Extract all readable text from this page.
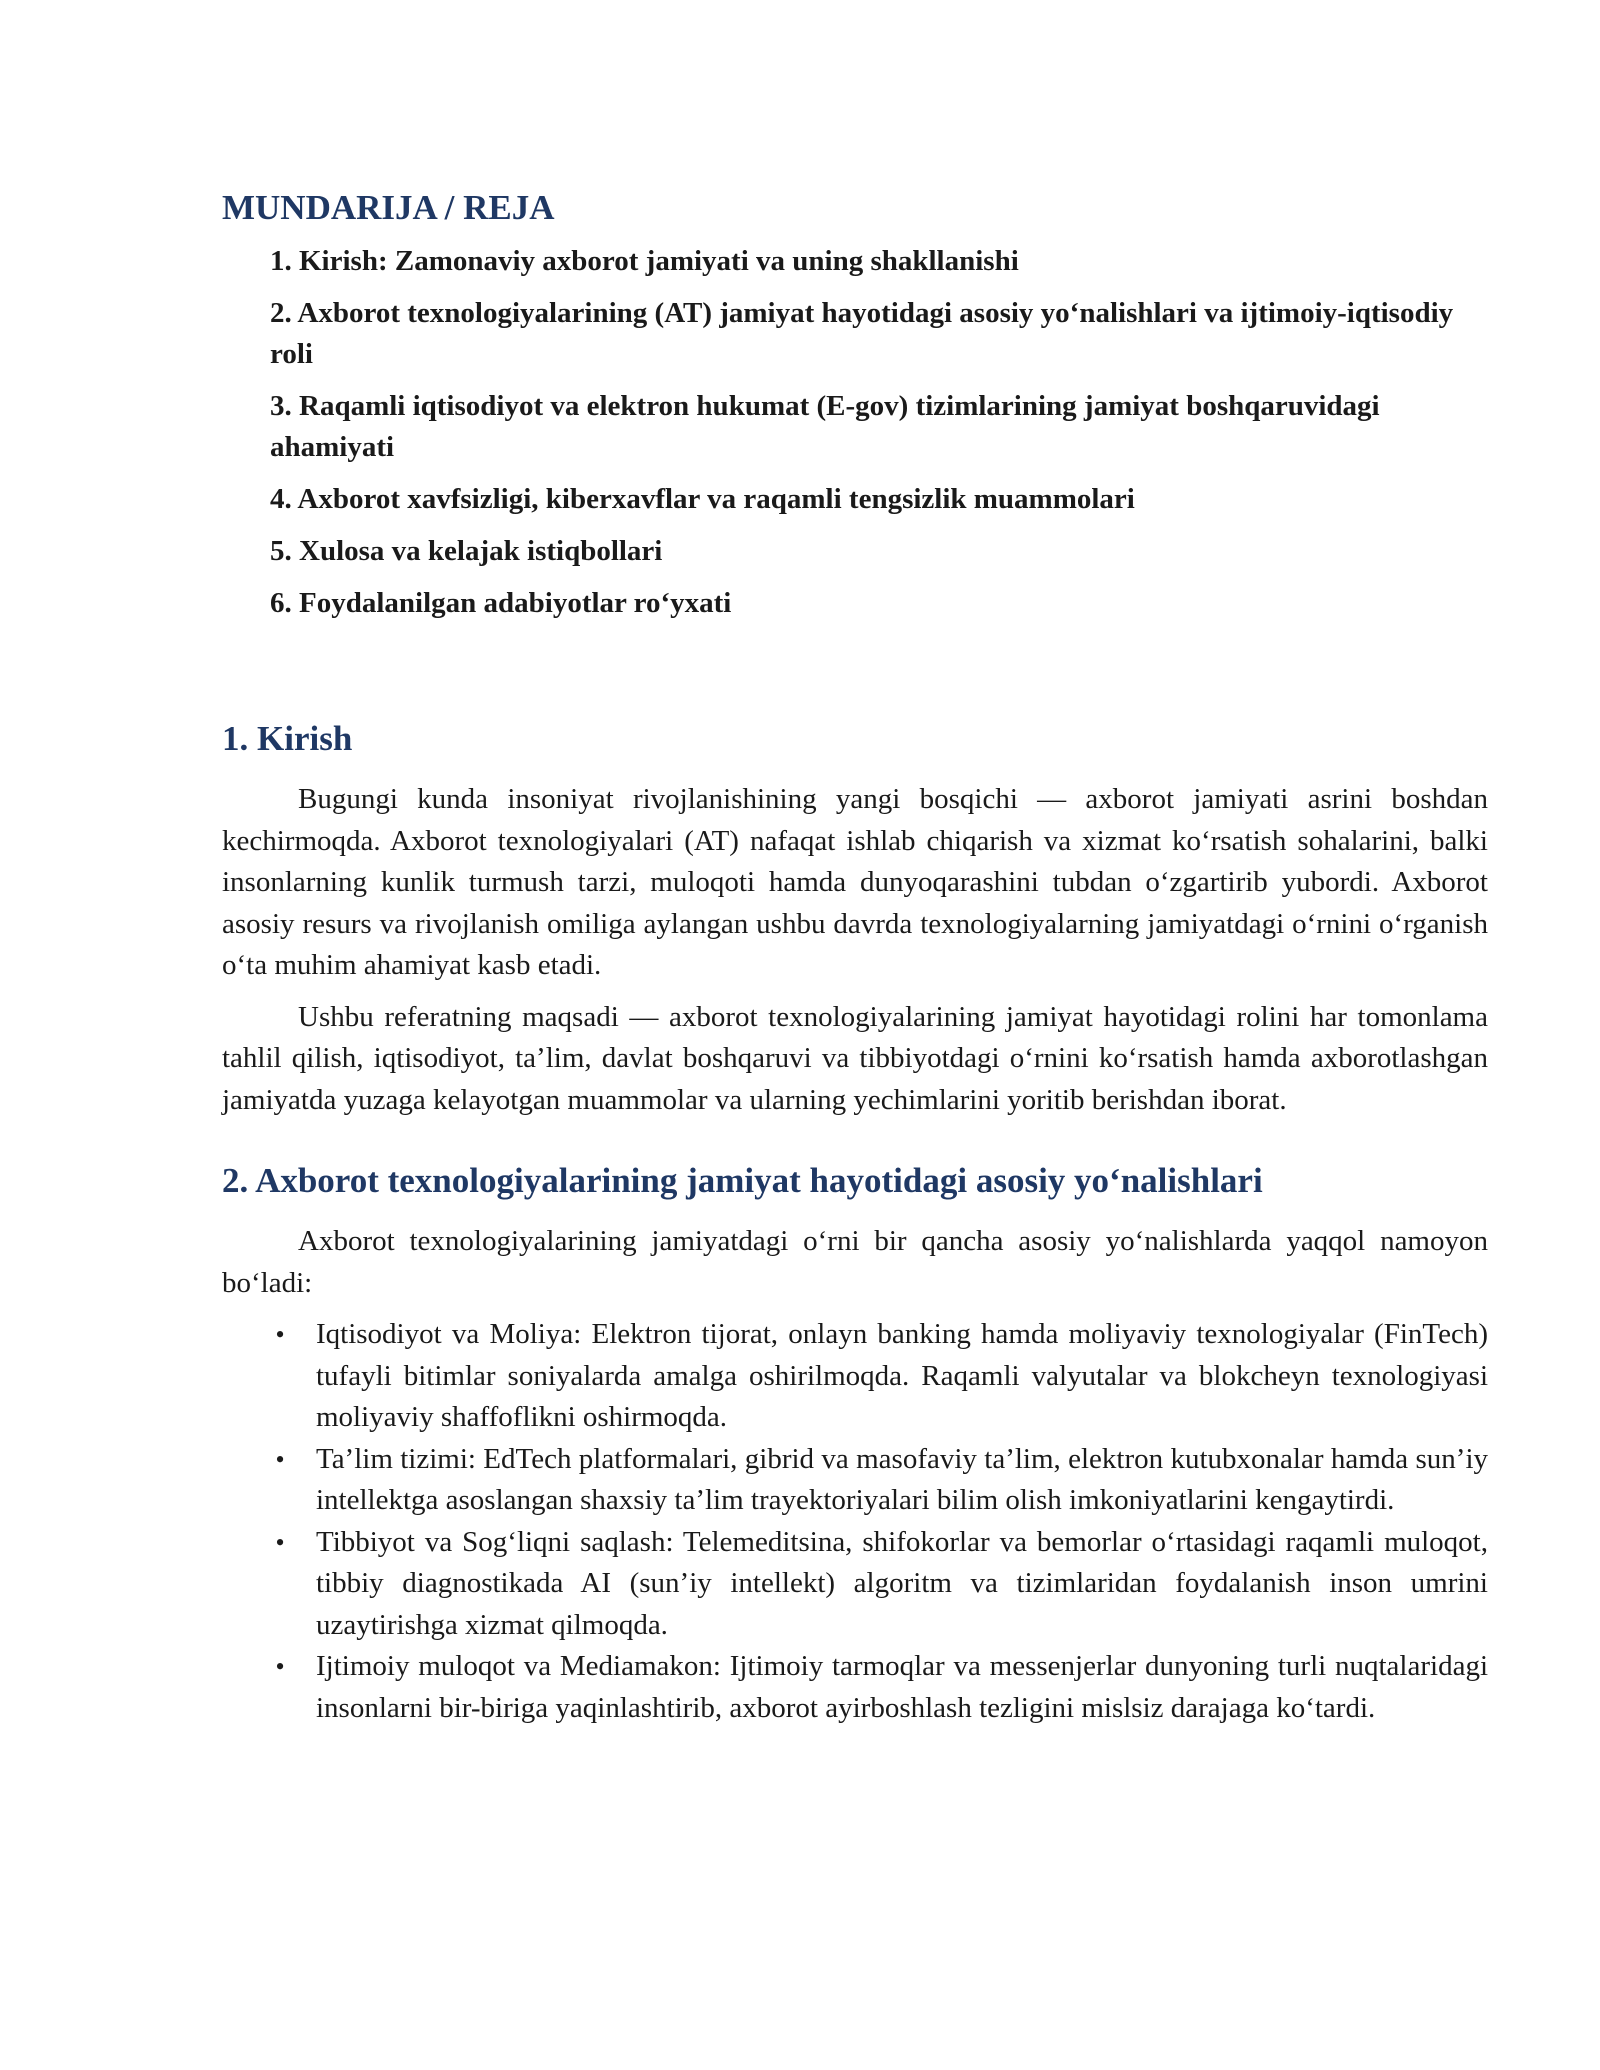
MUNDARIJA / REJA
1. Kirish: Zamonaviy axborot jamiyati va uning shakllanishi
2. Axborot texnologiyalarining (AT) jamiyat hayotidagi asosiy yo‘nalishlari va ijtimoiy-iqtisodiy roli
3. Raqamli iqtisodiyot va elektron hukumat (E-gov) tizimlarining jamiyat boshqaruvidagi ahamiyati
4. Axborot xavfsizligi, kiberxavflar va raqamli tengsizlik muammolari
5. Xulosa va kelajak istiqbollari
6. Foydalanilgan adabiyotlar ro‘yxati
1. Kirish

Bugungi kunda insoniyat rivojlanishining yangi bosqichi — axborot jamiyati asrini boshdan kechirmoqda. Axborot texnologiyalari (AT) nafaqat ishlab chiqarish va xizmat ko‘rsatish sohalarini, balki insonlarning kunlik turmush tarzi, muloqoti hamda dunyoqarashini tubdan o‘zgartirib yubordi. Axborot asosiy resurs va rivojlanish omiliga aylangan ushbu davrda texnologiyalarning jamiyatdagi o‘rnini o‘rganish o‘ta muhim ahamiyat kasb etadi.

Ushbu referatning maqsadi — axborot texnologiyalarining jamiyat hayotidagi rolini har tomonlama tahlil qilish, iqtisodiyot, ta’lim, davlat boshqaruvi va tibbiyotdagi o‘rnini ko‘rsatish hamda axborotlashgan jamiyatda yuzaga kelayotgan muammolar va ularning yechimlarini yoritib berishdan iborat.

2. Axborot texnologiyalarining jamiyat hayotidagi asosiy yo‘nalishlari

Axborot texnologiyalarining jamiyatdagi o‘rni bir qancha asosiy yo‘nalishlarda yaqqol namoyon bo‘ladi:

• Iqtisodiyot va Moliya: Elektron tijorat, onlayn banking hamda moliyaviy texnologiyalar (FinTech) tufayli bitimlar soniyalarda amalga oshirilmoqda. Raqamli valyutalar va blokcheyn texnologiyasi moliyaviy shaffoflikni oshirmoqda.
• Ta’lim tizimi: EdTech platformalari, gibrid va masofaviy ta’lim, elektron kutubxonalar hamda sun’iy intellektga asoslangan shaxsiy ta’lim trayektoriyalari bilim olish imkoniyatlarini kengaytirdi.
• Tibbiyot va Sog‘liqni saqlash: Telemeditsina, shifokorlar va bemorlar o‘rtasidagi raqamli muloqot, tibbiy diagnostikada AI (sun’iy intellekt) algoritm va tizimlaridan foydalanish inson umrini uzaytirishga xizmat qilmoqda.
• Ijtimoiy muloqot va Mediamakon: Ijtimoiy tarmoqlar va messenjerlar dunyoning turli nuqtalaridagi insonlarni bir-biriga yaqinlashtirib, axborot ayirboshlash tezligini mislsiz darajaga ko‘tardi.
